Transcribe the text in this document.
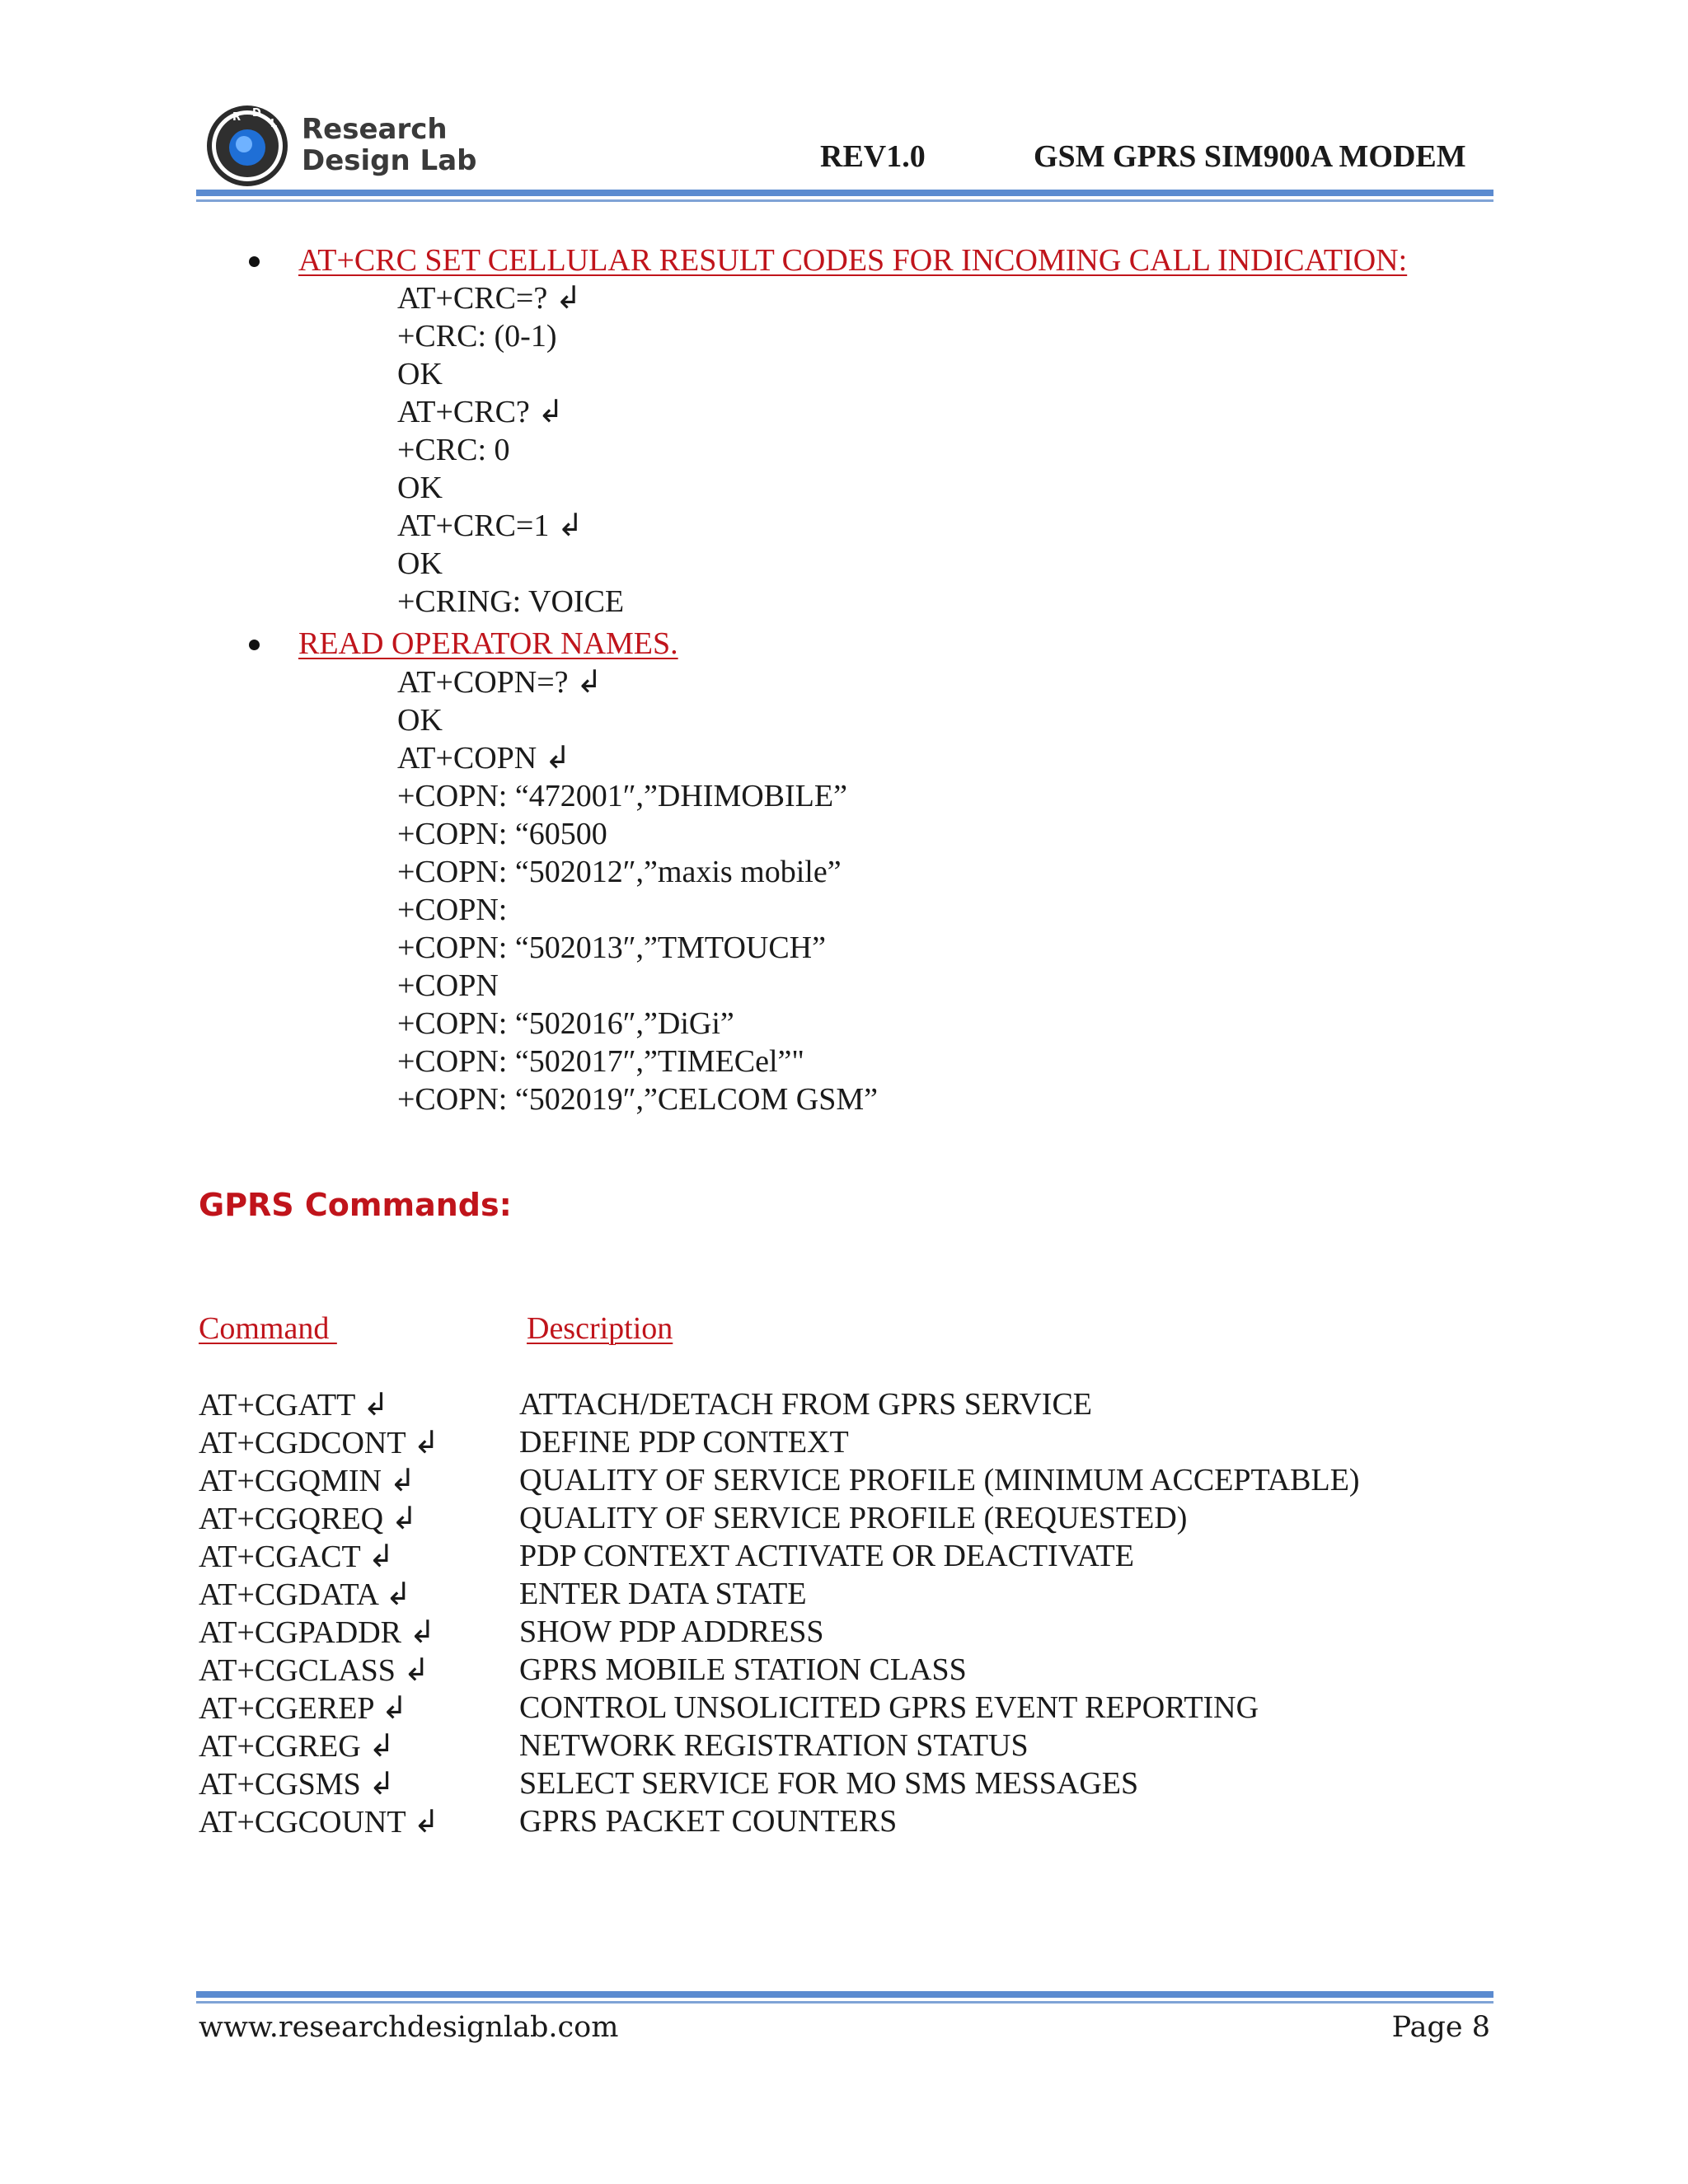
R D
L Research
Design Lab	REV1.0	GSM GPRS SIM900A MODEM
AT+CRC SET CELLULAR RESULT CODES FOR INCOMING CALL INDICATION:
AT+CRC=? ↲
+CRC: (0-1)
OK
AT+CRC? ↲
+CRC: 0
OK
AT+CRC=1 ↲
OK
+CRING: VOICE
READ OPERATOR NAMES.
AT+COPN=? ↲
OK
AT+COPN ↲
+COPN: “472001″,”DHIMOBILE”
+COPN: “60500
+COPN: “502012″,”maxis mobile”
+COPN:
+COPN: “502013″,”TMTOUCH”
+COPN
+COPN: “502016″,”DiGi”
+COPN: “502017″,”TIMECel”"
+COPN: “502019″,”CELCOM GSM”
GPRS Commands:
Command	Description
AT+CGATT ↲	ATTACH/DETACH FROM GPRS SERVICE
AT+CGDCONT ↲	DEFINE PDP CONTEXT
AT+CGQMIN ↲	QUALITY OF SERVICE PROFILE (MINIMUM ACCEPTABLE)
AT+CGQREQ ↲	QUALITY OF SERVICE PROFILE (REQUESTED)
AT+CGACT ↲	PDP CONTEXT ACTIVATE OR DEACTIVATE
AT+CGDATA ↲	ENTER DATA STATE
AT+CGPADDR ↲	SHOW PDP ADDRESS
AT+CGCLASS ↲	GPRS MOBILE STATION CLASS
AT+CGEREP ↲	CONTROL UNSOLICITED GPRS EVENT REPORTING
AT+CGREG ↲	NETWORK REGISTRATION STATUS
AT+CGSMS ↲	SELECT SERVICE FOR MO SMS MESSAGES
AT+CGCOUNT ↲	GPRS PACKET COUNTERS
www.researchdesignlab.com	Page 8
